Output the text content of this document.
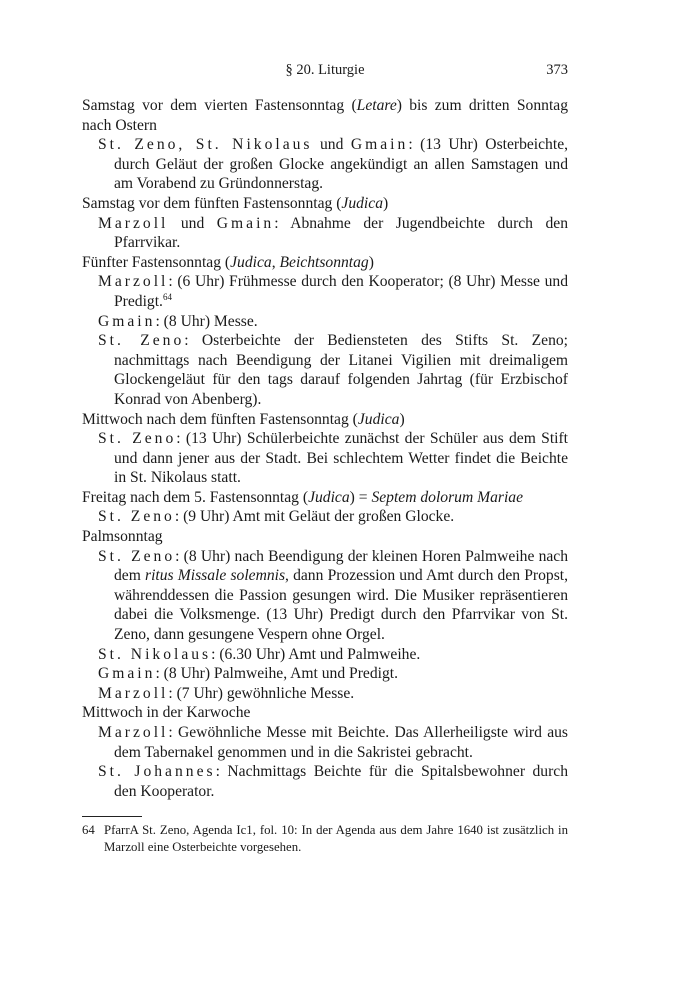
§ 20. Liturgie	373

Samstag vor dem vierten Fastensonntag (Letare) bis zum dritten Sonntag nach Ostern

St. Zeno, St. Nikolaus und Gmain: (13 Uhr) Osterbeichte, durch Geläut der großen Glocke angekündigt an allen Samstagen und am Vorabend zu Gründonnerstag.

Samstag vor dem fünften Fastensonntag (Judica)

Marzoll und Gmain: Abnahme der Jugendbeichte durch den Pfarrvikar.

Fünfter Fastensonntag (Judica, Beichtsonntag)

Marzoll: (6 Uhr) Frühmesse durch den Kooperator; (8 Uhr) Messe und Predigt.$^{64}$

Gmain: (8 Uhr) Messe.

St. Zeno: Osterbeichte der Bediensteten des Stifts St. Zeno; nachmittags nach Beendigung der Litanei Vigilien mit dreimaligem Glockengeläut für den tags darauf folgenden Jahrtag (für Erzbischof Konrad von Abenberg).

Mittwoch nach dem fünften Fastensonntag (Judica)

St. Zeno: (13 Uhr) Schülerbeichte zunächst der Schüler aus dem Stift und dann jener aus der Stadt. Bei schlechtem Wetter findet die Beichte in St. Nikolaus statt.

Freitag nach dem 5. Fastensonntag (Judica) = Septem dolorum Mariae

St. Zeno: (9 Uhr) Amt mit Geläut der großen Glocke.

Palmsonntag

St. Zeno: (8 Uhr) nach Beendigung der kleinen Horen Palmweihe nach dem ritus Missale solemnis, dann Prozession und Amt durch den Propst, währenddessen die Passion gesungen wird. Die Musiker repräsentieren dabei die Volksmenge. (13 Uhr) Predigt durch den Pfarrvikar von St. Zeno, dann gesungene Vespern ohne Orgel.

St. Nikolaus: (6.30 Uhr) Amt und Palmweihe.

Gmain: (8 Uhr) Palmweihe, Amt und Predigt.

Marzoll: (7 Uhr) gewöhnliche Messe.

Mittwoch in der Karwoche

Marzoll: Gewöhnliche Messe mit Beichte. Das Allerheiligste wird aus dem Tabernakel genommen und in die Sakristei gebracht.

St. Johannes: Nachmittags Beichte für die Spitalsbewohner durch den Kooperator.

64 PfarrA St. Zeno, Agenda Ic1, fol. 10: In der Agenda aus dem Jahre 1640 ist zusätzlich in Marzoll eine Osterbeichte vorgesehen.
